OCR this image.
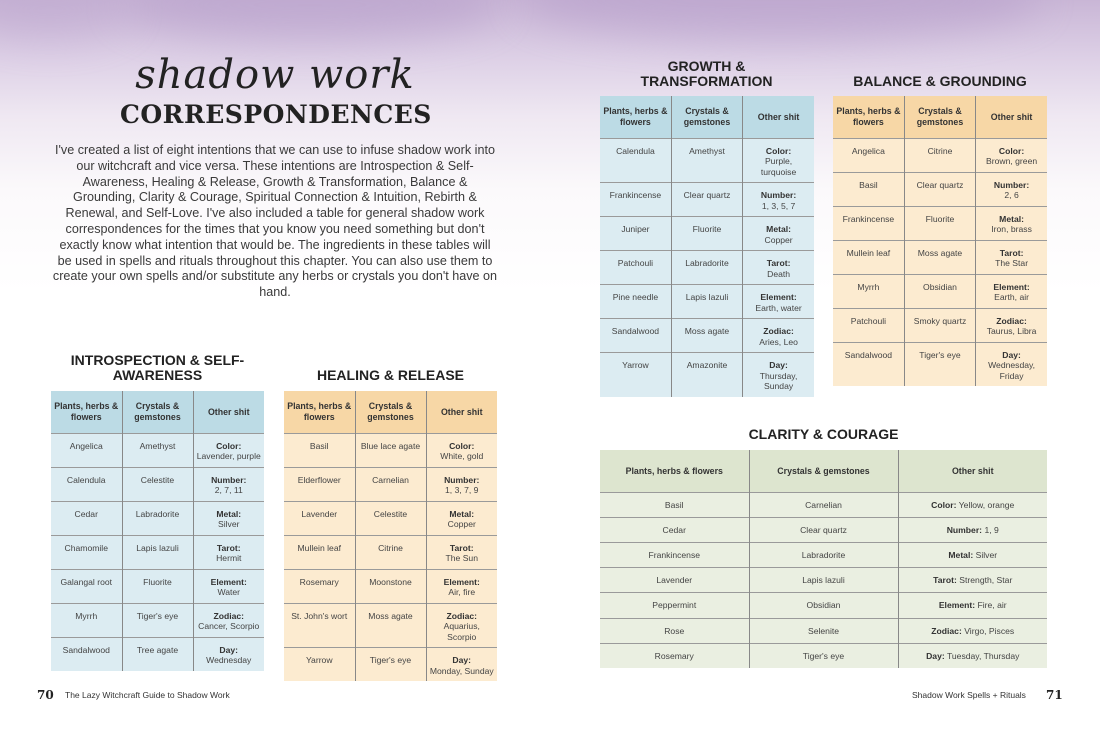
shadow work
CORRESPONDENCES

I've created a list of eight intentions that we can use to infuse shadow work into our witchcraft and vice versa. These intentions are Introspection & Self-Awareness, Healing & Release, Growth & Transformation, Balance & Grounding, Clarity & Courage, Spiritual Connection & Intuition, Rebirth & Renewal, and Self-Love. I've also included a table for general shadow work correspondences for the times that you know you need something but don't exactly know what intention that would be. The ingredients in these tables will be used in spells and rituals throughout this chapter. You can also use them to create your own spells and/or substitute any herbs or crystals you don't have on hand.

INTROSPECTION & SELF-AWARENESS
Plants, herbs & flowers	Crystals & gemstones	Other shit
Angelica	Amethyst	Color:
Lavender, purple
Calendula	Celestite	Number:
2, 7, 11
Cedar	Labradorite	Metal:
Silver
Chamomile	Lapis lazuli	Tarot:
Hermit
Galangal root	Fluorite	Element:
Water
Myrrh	Tiger's eye	Zodiac:
Cancer, Scorpio
Sandalwood	Tree agate	Day:
Wednesday
HEALING & RELEASE
Plants, herbs & flowers	Crystals & gemstones	Other shit
Basil	Blue lace agate	Color:
White, gold
Elderflower	Carnelian	Number:
1, 3, 7, 9
Lavender	Celestite	Metal:
Copper
Mullein leaf	Citrine	Tarot:
The Sun
Rosemary	Moonstone	Element:
Air, fire
St. John's wort	Moss agate	Zodiac:
Aquarius, Scorpio
Yarrow	Tiger's eye	Day:
Monday, Sunday
GROWTH & TRANSFORMATION
Plants, herbs & flowers	Crystals & gemstones	Other shit
Calendula	Amethyst	Color:
Purple, turquoise
Frankincense	Clear quartz	Number:
1, 3, 5, 7
Juniper	Fluorite	Metal:
Copper
Patchouli	Labradorite	Tarot:
Death
Pine needle	Lapis lazuli	Element:
Earth, water
Sandalwood	Moss agate	Zodiac:
Aries, Leo
Yarrow	Amazonite	Day:
Thursday, Sunday
BALANCE & GROUNDING
Plants, herbs & flowers	Crystals & gemstones	Other shit
Angelica	Citrine	Color:
Brown, green
Basil	Clear quartz	Number:
2, 6
Frankincense	Fluorite	Metal:
Iron, brass
Mullein leaf	Moss agate	Tarot:
The Star
Myrrh	Obsidian	Element:
Earth, air
Patchouli	Smoky quartz	Zodiac:
Taurus, Libra
Sandalwood	Tiger's eye	Day:
Wednesday, Friday
CLARITY & COURAGE
Plants, herbs & flowers	Crystals & gemstones	Other shit
Basil	Carnelian	Color: Yellow, orange
Cedar	Clear quartz	Number: 1, 9
Frankincense	Labradorite	Metal: Silver
Lavender	Lapis lazuli	Tarot: Strength, Star
Peppermint	Obsidian	Element: Fire, air
Rose	Selenite	Zodiac: Virgo, Pisces
Rosemary	Tiger's eye	Day: Tuesday, Thursday
70 The Lazy Witchcraft Guide to Shadow Work	Shadow Work Spells + Rituals 71
